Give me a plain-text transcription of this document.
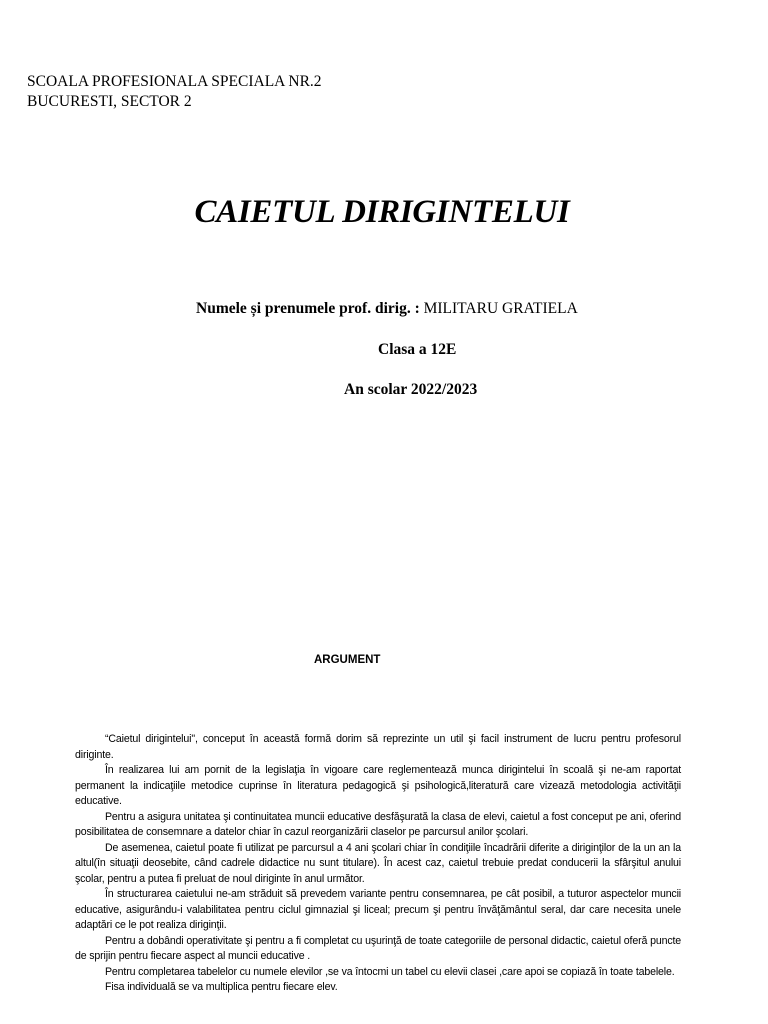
SCOALA PROFESIONALA SPECIALA NR.2
BUCURESTI, SECTOR 2
CAIETUL DIRIGINTELUI
Numele și prenumele prof. dirig. : MILITARU GRATIELA
Clasa a 12E
An scolar 2022/2023
ARGUMENT

“Caietul dirigintelui", conceput în această formă dorim să reprezinte un util şi facil instrument de lucru pentru profesorul diriginte.

În realizarea lui am pornit de la legislaţia în vigoare care reglementează munca dirigintelui în scoală şi ne-am raportat permanent la indicaţiile metodice cuprinse în literatura pedagogică şi psihologică,literatură care vizează metodologia activităţii educative.

Pentru a asigura unitatea şi continuitatea muncii educative desfăşurată la clasa de elevi, caietul a fost conceput pe ani, oferind posibilitatea de consemnare a datelor chiar în cazul reorganizării claselor pe parcursul anilor şcolari.

De asemenea, caietul poate fi utilizat pe parcursul a 4 ani şcolari chiar în condiţiile încadrării diferite a diriginţilor de la un an la altul(în situaţii deosebite, când cadrele didactice nu sunt titulare). În acest caz, caietul trebuie predat conducerii la sfârşitul anului şcolar, pentru a putea fi preluat de noul diriginte în anul următor.

În structurarea caietului ne-am străduit să prevedem variante pentru consemnarea, pe cât posibil, a tuturor aspectelor muncii educative, asigurându-i valabilitatea pentru ciclul gimnazial şi liceal; precum şi pentru învăţământul seral, dar care necesita unele adaptări ce le pot realiza diriginţii.

Pentru a dobândi operativitate şi pentru a fi completat cu uşurinţă de toate categoriile de personal didactic, caietul oferă puncte de sprijin pentru fiecare aspect al muncii educative .

Pentru completarea tabelelor cu numele elevilor ,se va întocmi un tabel cu elevii clasei ,care apoi se copiază în toate tabelele.

Fisa individuală se va multiplica pentru fiecare elev.
